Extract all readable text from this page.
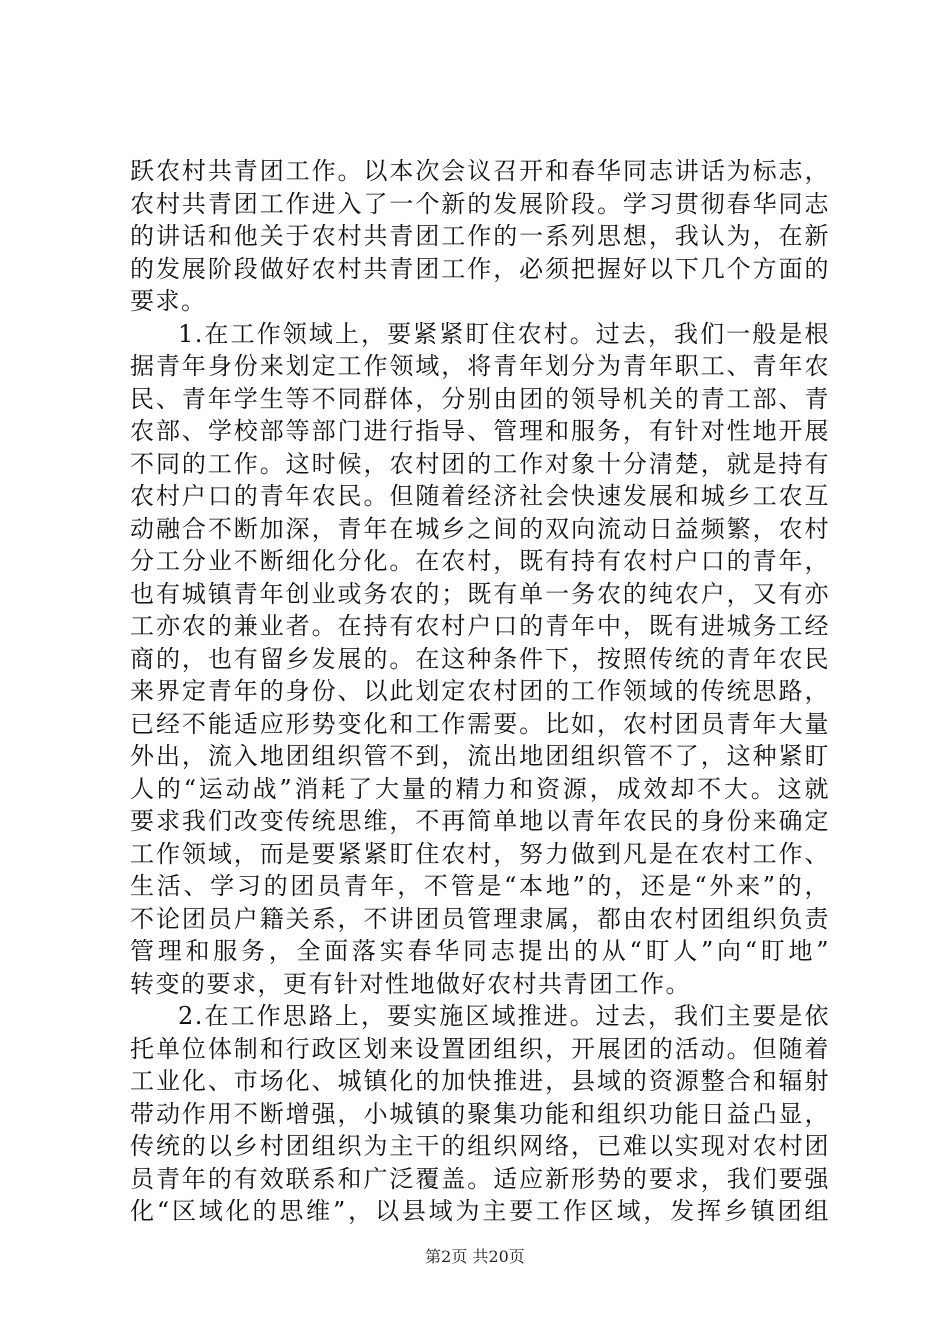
跃农村共青团工作。以本次会议召开和春华同志讲话为标志，
农村共青团工作进入了一个新的发展阶段。学习贯彻春华同志
的讲话和他关于农村共青团工作的一系列思想，我认为，在新
的发展阶段做好农村共青团工作，必须把握好以下几个方面的
要求。
1.在工作领域上，要紧紧盯住农村。过去，我们一般是根
据青年身份来划定工作领域，将青年划分为青年职工、青年农
民、青年学生等不同群体，分别由团的领导机关的青工部、青
农部、学校部等部门进行指导、管理和服务，有针对性地开展
不同的工作。这时候，农村团的工作对象十分清楚，就是持有
农村户口的青年农民。但随着经济社会快速发展和城乡工农互
动融合不断加深，青年在城乡之间的双向流动日益频繁，农村
分工分业不断细化分化。在农村，既有持有农村户口的青年，
也有城镇青年创业或务农的；既有单一务农的纯农户，又有亦
工亦农的兼业者。在持有农村户口的青年中，既有进城务工经
商的，也有留乡发展的。在这种条件下，按照传统的青年农民
来界定青年的身份、以此划定农村团的工作领域的传统思路，
已经不能适应形势变化和工作需要。比如，农村团员青年大量
外出，流入地团组织管不到，流出地团组织管不了，这种紧盯
人的“运动战”消耗了大量的精力和资源，成效却不大。这就
要求我们改变传统思维，不再简单地以青年农民的身份来确定
工作领域，而是要紧紧盯住农村，努力做到凡是在农村工作、
生活、学习的团员青年，不管是“本地”的，还是“外来”的，
不论团员户籍关系，不讲团员管理隶属，都由农村团组织负责
管理和服务，全面落实春华同志提出的从“盯人”向“盯地”
转变的要求，更有针对性地做好农村共青团工作。
2.在工作思路上，要实施区域推进。过去，我们主要是依
托单位体制和行政区划来设置团组织，开展团的活动。但随着
工业化、市场化、城镇化的加快推进，县域的资源整合和辐射
带动作用不断增强，小城镇的聚集功能和组织功能日益凸显，
传统的以乡村团组织为主干的组织网络，已难以实现对农村团
员青年的有效联系和广泛覆盖。适应新形势的要求，我们要强
化“区域化的思维”，以县域为主要工作区域，发挥乡镇团组
第2页 共20页
